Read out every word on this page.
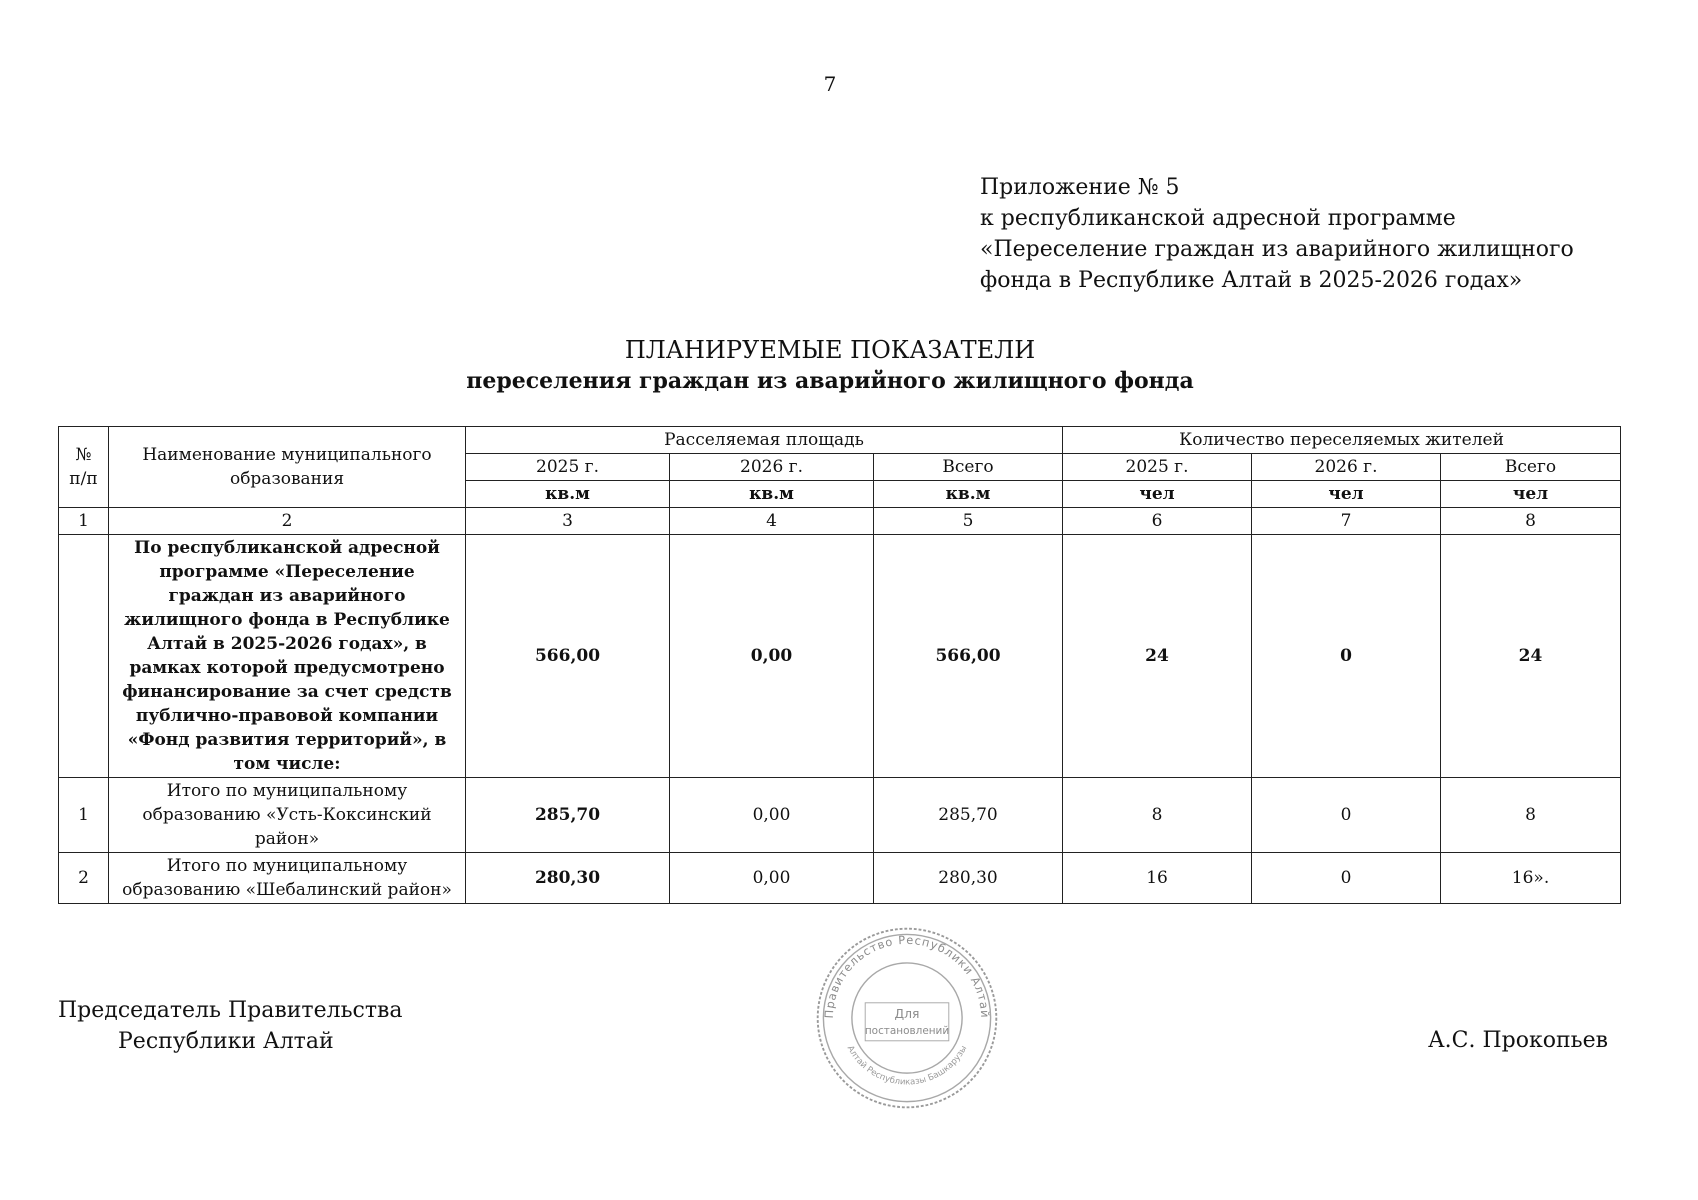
7
Приложение № 5
к республиканской адресной программе
«Переселение граждан из аварийного жилищного
фонда в Республике Алтай в 2025-2026 годах»
ПЛАНИРУЕМЫЕ ПОКАЗАТЕЛИ
переселения граждан из аварийного жилищного фонда
№ п/п	Наименование муниципального образования	Расселяемая площадь			Количество переселяемых жителей		
		2025 г.	2026 г.	Всего	2025 г.	2026 г.	Всего
		кв.м	кв.м	кв.м	чел	чел	чел
1	2	3	4	5	6	7	8
	По республиканской адресной программе «Переселение граждан из аварийного жилищного фонда в Республике Алтай в 2025-2026 годах», в рамках которой предусмотрено финансирование за счет средств публично-правовой компании «Фонд развития территорий», в том числе:	566,00	0,00	566,00	24	0	24
1	Итого по муниципальному образованию «Усть-Коксинский район»	285,70	0,00	285,70	8	0	8
2	Итого по муниципальному образованию «Шебалинский район»	280,30	0,00	280,30	16	0	16».
Председатель Правительства
Республики Алтай	А.С. Прокопьев
Правительство Республики Алтай
Алтай Республиказы Башкарузы
Для
постановлений
